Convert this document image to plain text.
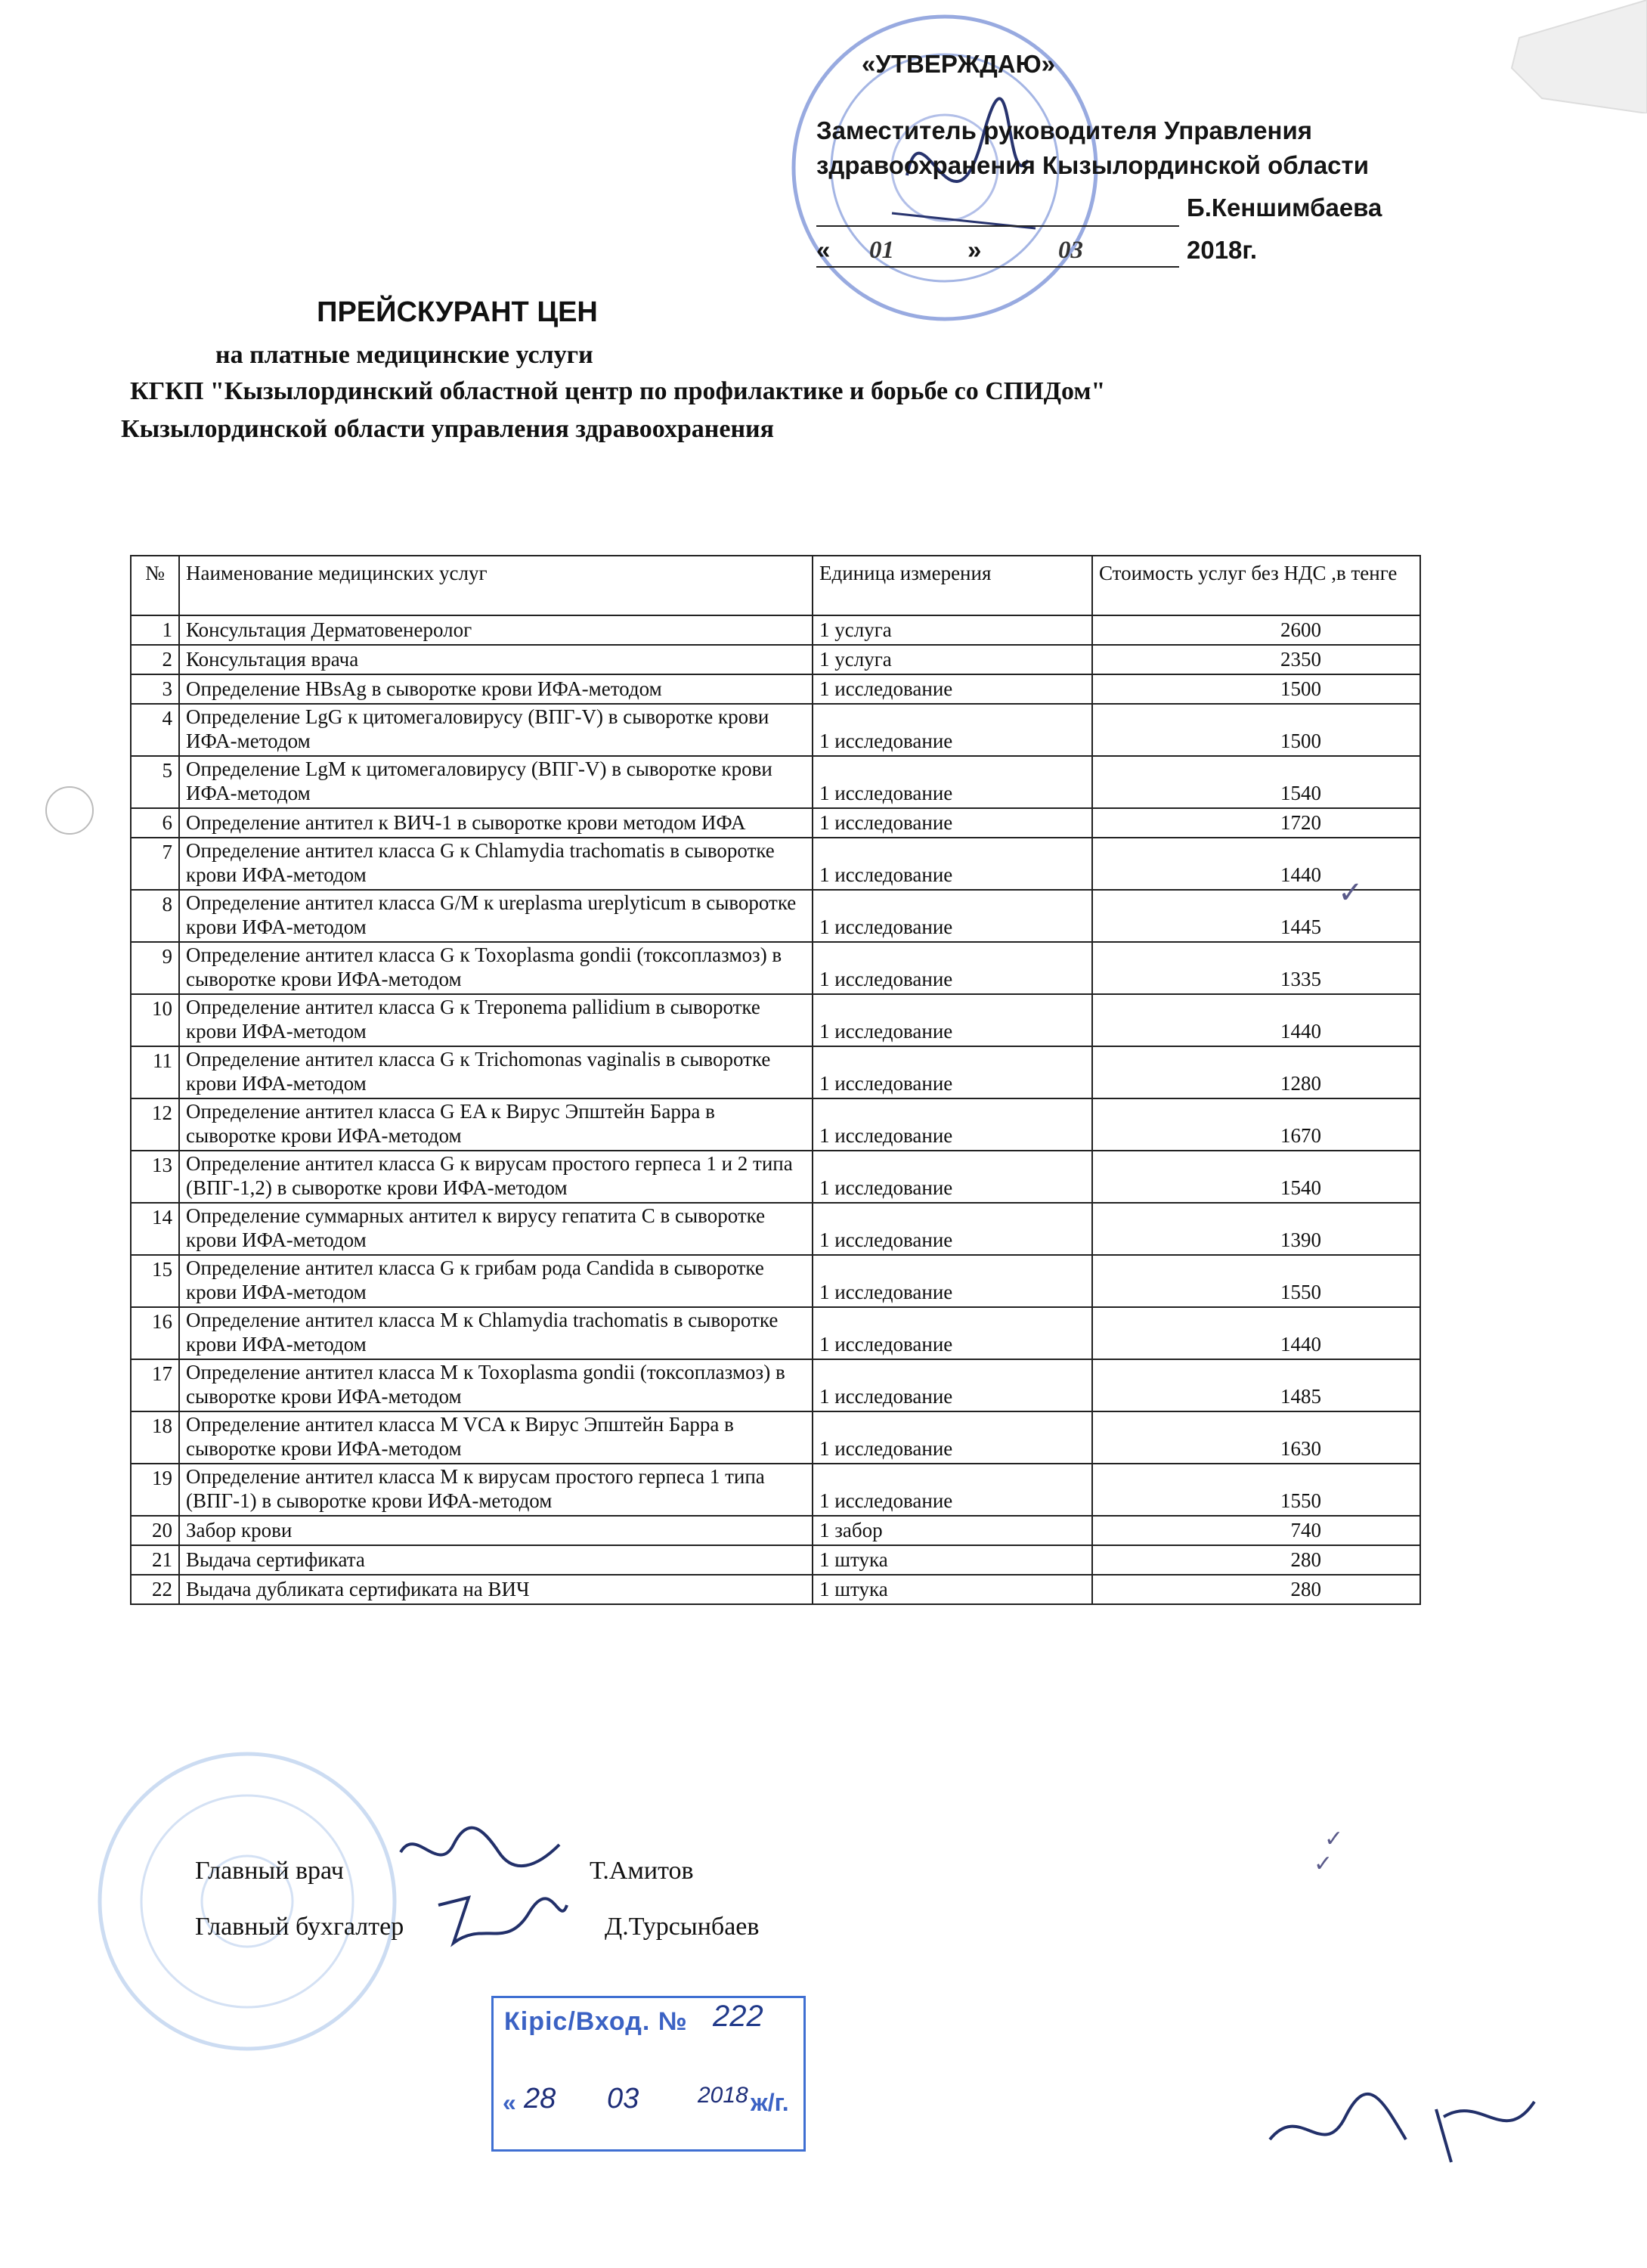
«УТВЕРЖДАЮ»
Заместитель руководителя Управления
здравоохранения Кызылординской области
Б.Кеншимбаева
« 01	»	03	2018г.
ПРЕЙСКУРАНТ ЦЕН
на платные медицинские услуги
КГКП "Кызылординский областной центр по профилактике и борьбе со СПИДом"
Кызылординской области управления здравоохранения
№	Наименование медицинских услуг	Единица измерения	Стоимость услуг без НДС ,в тенге
1	Консультация Дерматовенеролог	1 услуга	2600
2	Консультация врача	1 услуга	2350
3	Определение HBsAg в сыворотке крови ИФА-методом	1 исследование	1500
4	Определение LgG к цитомегаловирусу (ВПГ-V) в сыворотке крови ИФА-методом	1 исследование	1500
5	Определение LgM к цитомегаловирусу (ВПГ-V) в сыворотке крови ИФА-методом	1 исследование	1540
6	Определение антител к ВИЧ-1 в сыворотке крови методом ИФА	1 исследование	1720
7	Определение антител класса G к Chlamydia trachomatis в сыворотке крови ИФА-методом	1 исследование	1440
8	Определение антител класса G/M к ureplasma ureplyticum в сыворотке крови ИФА-методом	1 исследование	1445
9	Определение антител класса G к Toxoplasma gondii (токсоплазмоз) в сыворотке крови ИФА-методом	1 исследование	1335
10	Определение антител класса G к Treponema pallidium в сыворотке крови ИФА-методом	1 исследование	1440
11	Определение антител класса G к Trichomonas vaginalis в сыворотке крови ИФА-методом	1 исследование	1280
12	Определение антител класса G EA к Вирус Эпштейн Барра в сыворотке крови ИФА-методом	1 исследование	1670
13	Определение антител класса G к вирусам простого герпеса 1 и 2 типа (ВПГ-1,2) в сыворотке крови ИФА-методом	1 исследование	1540
14	Определение суммарных антител к вирусу гепатита С в сыворотке крови ИФА-методом	1 исследование	1390
15	Определение антител класса G к грибам рода Candida в сыворотке крови ИФА-методом	1 исследование	1550
16	Определение антител класса М к Chlamydia trachomatis в сыворотке крови ИФА-методом	1 исследование	1440
17	Определение антител класса М к Toxoplasma gondii (токсоплазмоз) в сыворотке крови ИФА-методом	1 исследование	1485
18	Определение антител класса M VCA к Вирус Эпштейн Барра в сыворотке крови ИФА-методом	1 исследование	1630
19	Определение антител класса М к вирусам простого герпеса 1 типа (ВПГ-1) в сыворотке крови ИФА-методом	1 исследование	1550
20	Забор крови	1 забор	740
21	Выдача сертификата	1 штука	280
22	Выдача дубликата сертификата на ВИЧ	1 штука	280
✓
✓
✓
Главный врач	Т.Амитов
Главный бухгалтер	Д.Турсынбаев
Кіріс/Вход. № 222
« 28 03	2018 ж/г.
